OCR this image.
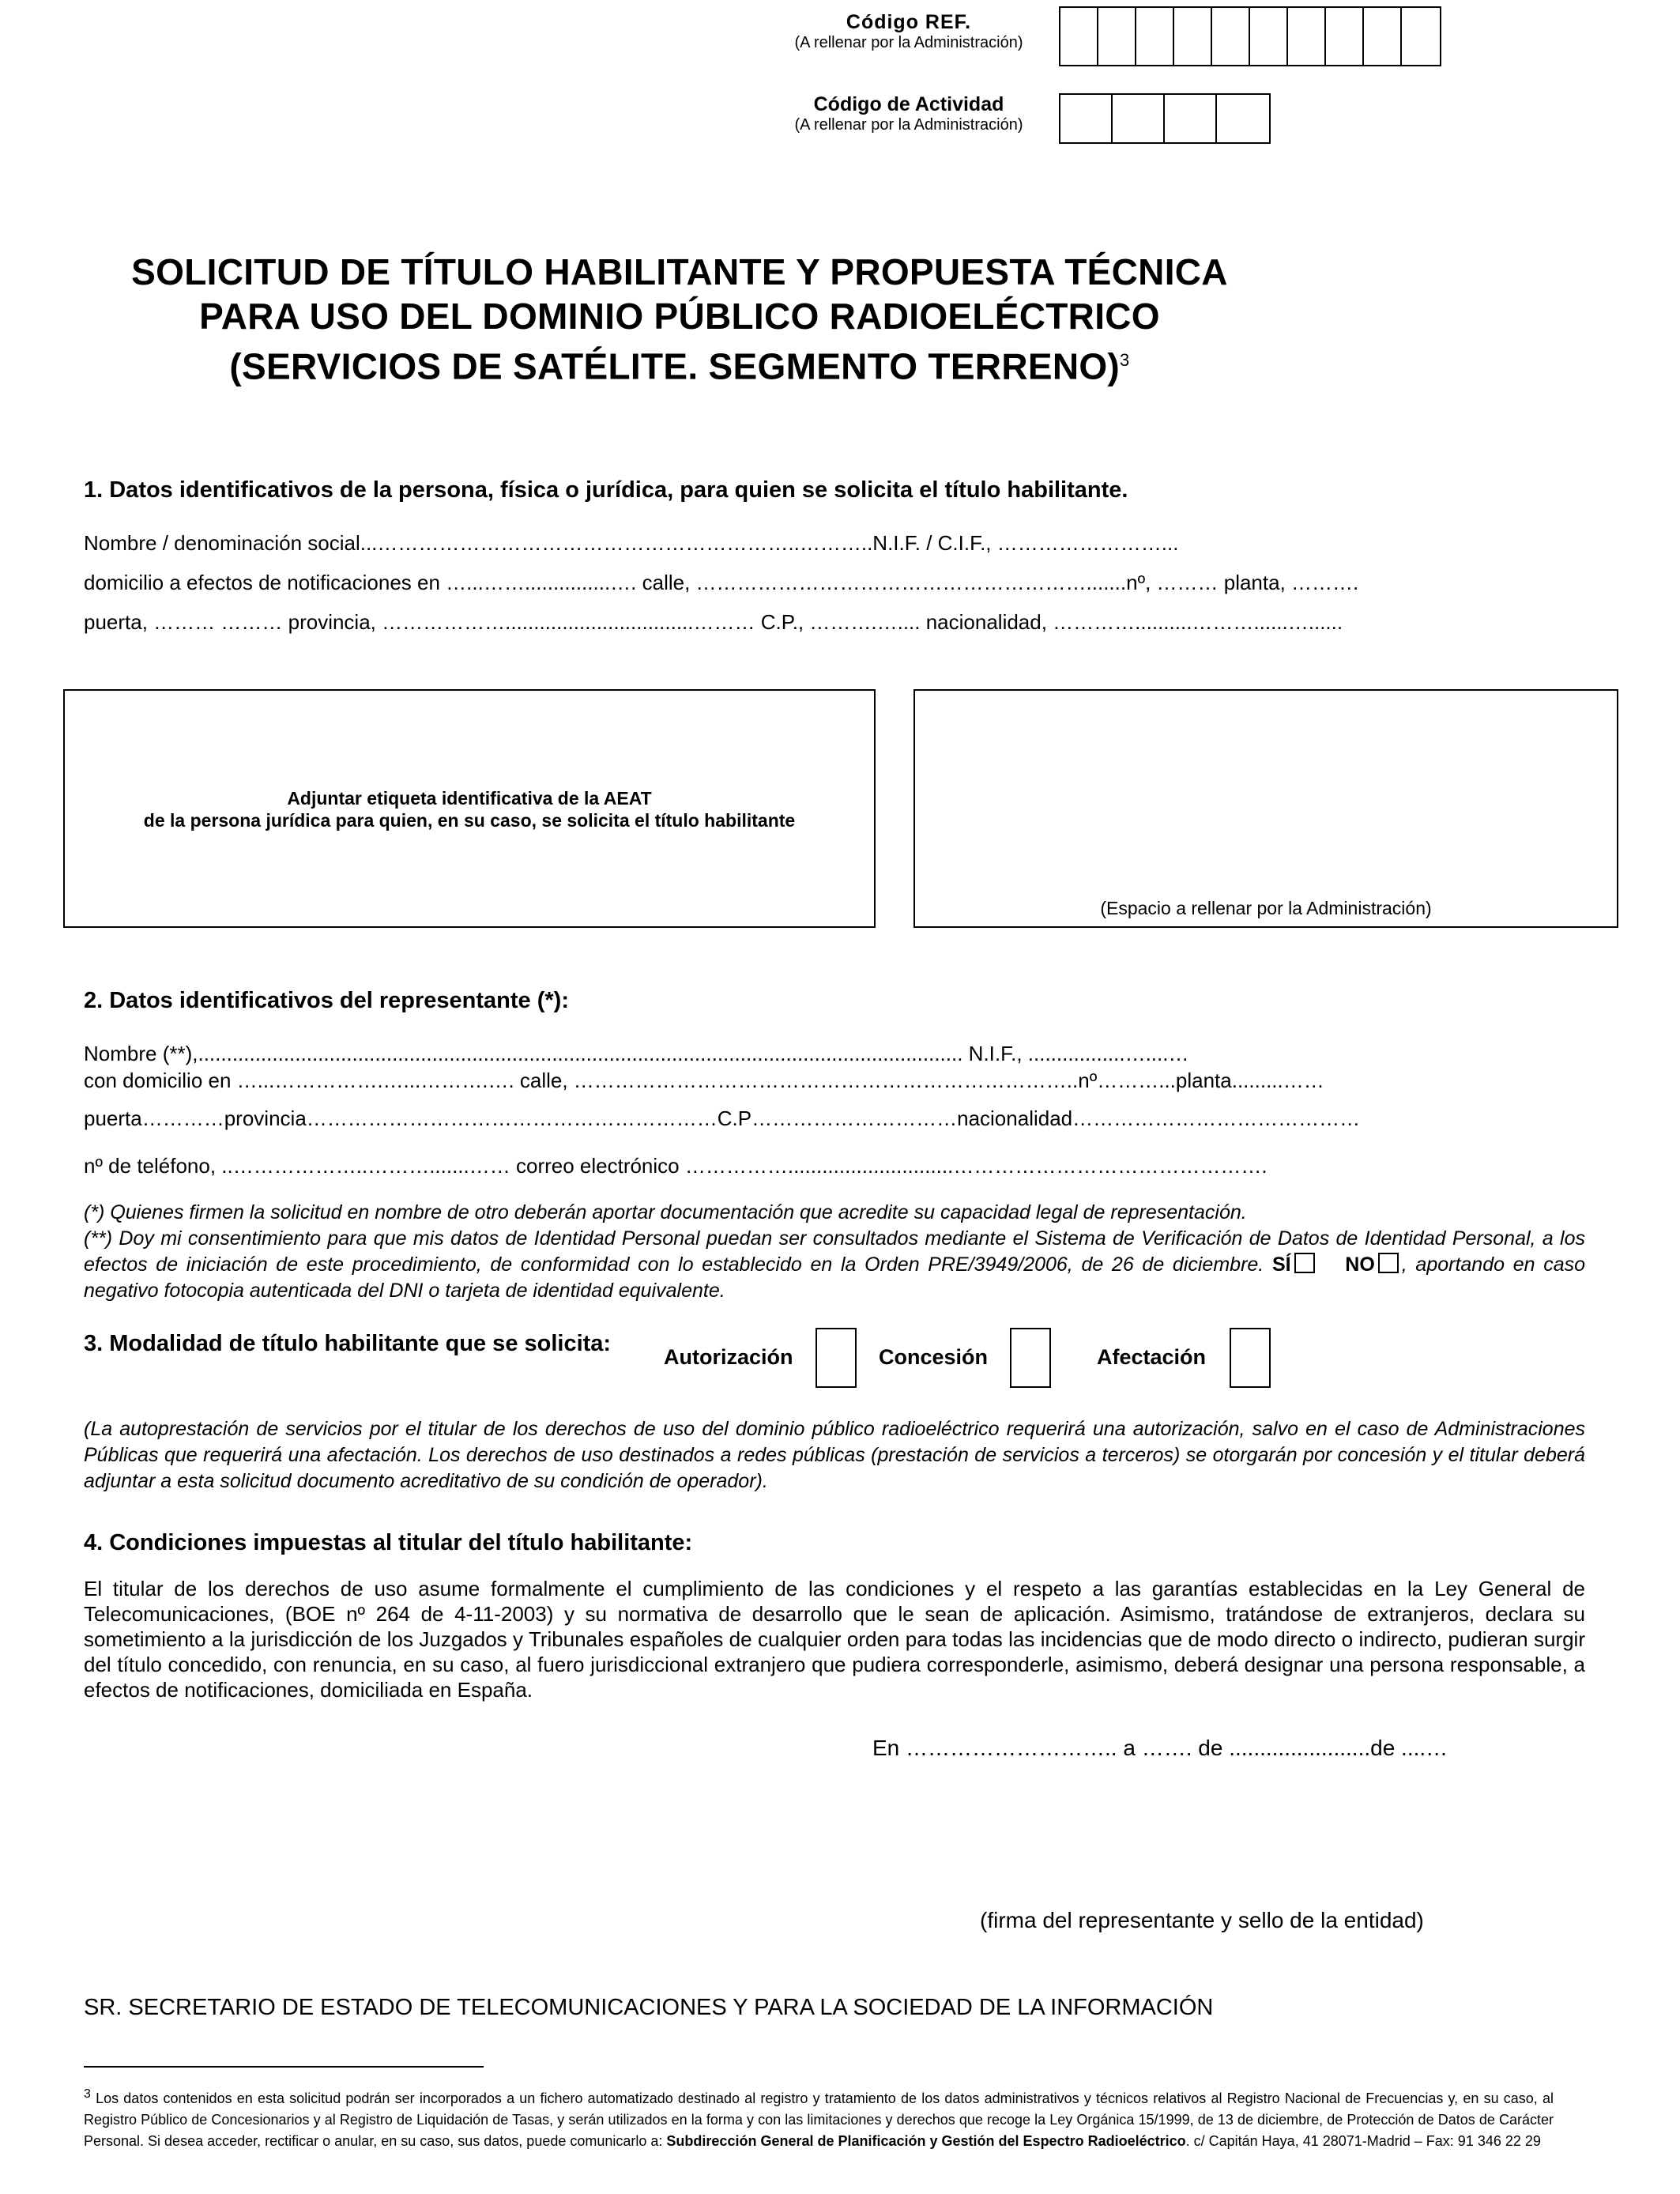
Código REF.
(A rellenar por la Administración)
Código de Actividad
(A rellenar por la Administración)
SOLICITUD DE TÍTULO HABILITANTE Y PROPUESTA TÉCNICA
PARA USO DEL DOMINIO PÚBLICO RADIOELÉCTRICO
(SERVICIOS DE SATÉLITE. SEGMENTO TERRENO)$^3$
1. Datos identificativos de la persona, física o jurídica, para quien se solicita el título habilitante.
Nombre / denominación social...……………………………………………………..………..N.I.F. / C.I.F., ……………………...
domicilio a efectos de notificaciones en …...……...............…. calle, ………………………………………………….......nº, ……… planta, ……….
puerta, ……… ……… provincia, ……………….................................……… C.P., ……….….... nacionalidad, …………..........………......…......
Adjuntar etiqueta identificativa de la AEAT
de la persona jurídica para quien, en su caso, se solicita el título habilitante
(Espacio a rellenar por la Administración)
2. Datos identificativos del representante (*):
Nombre (**),...................................................................................................................................... N.I.F., .................…....…
con domicilio en …...…………….…...……….…. calle, ………………………………………………………………..nº………...planta.........……
puerta…………provincia……………………………………………………C.P…………………………nacionalidad……………………………………
nº de teléfono, ..………………..……….......…… correo electrónico …………….............................……………………………………….
(*) Quienes firmen la solicitud en nombre de otro deberán aportar documentación que acredite su capacidad legal de representación.
(**) Doy mi consentimiento para que mis datos de Identidad Personal puedan ser consultados mediante el Sistema de Verificación de Datos de Identidad Personal, a los efectos de iniciación de este procedimiento, de conformidad con lo establecido en la Orden PRE/3949/2006, de 26 de diciembre. SÍ	NO , aportando en caso negativo fotocopia autenticada del DNI o tarjeta de identidad equivalente.
3. Modalidad de título habilitante que se solicita:
Autorización	Concesión	Afectación
(La autoprestación de servicios por el titular de los derechos de uso del dominio público radioeléctrico requerirá una autorización, salvo en el caso de Administraciones Públicas que requerirá una afectación. Los derechos de uso destinados a redes públicas (prestación de servicios a terceros) se otorgarán por concesión y el titular deberá adjuntar a esta solicitud documento acreditativo de su condición de operador).
4. Condiciones impuestas al titular del título habilitante:
El titular de los derechos de uso asume formalmente el cumplimiento de las condiciones y el respeto a las garantías establecidas en la Ley General de Telecomunicaciones, (BOE nº 264 de 4-11-2003) y su normativa de desarrollo que le sean de aplicación. Asimismo, tratándose de extranjeros, declara su sometimiento a la jurisdicción de los Juzgados y Tribunales españoles de cualquier orden para todas las incidencias que de modo directo o indirecto, pudieran surgir del título concedido, con renuncia, en su caso, al fuero jurisdiccional extranjero que pudiera corresponderle, asimismo, deberá designar una persona responsable, a efectos de notificaciones, domiciliada en España.
En ……………………….. a ……. de .......................de ....…
(firma del representante y sello de la entidad)
SR. SECRETARIO DE ESTADO DE TELECOMUNICACIONES Y PARA LA SOCIEDAD DE LA INFORMACIÓN
$^3$ Los datos contenidos en esta solicitud podrán ser incorporados a un fichero automatizado destinado al registro y tratamiento de los datos administrativos y técnicos relativos al Registro Nacional de Frecuencias y, en su caso, al Registro Público de Concesionarios y al Registro de Liquidación de Tasas, y serán utilizados en la forma y con las limitaciones y derechos que recoge la Ley Orgánica 15/1999, de 13 de diciembre, de Protección de Datos de Carácter Personal. Si desea acceder, rectificar o anular, en su caso, sus datos, puede comunicarlo a: Subdirección General de Planificación y Gestión del Espectro Radioeléctrico. c/ Capitán Haya, 41 28071-Madrid – Fax: 91 346 22 29
